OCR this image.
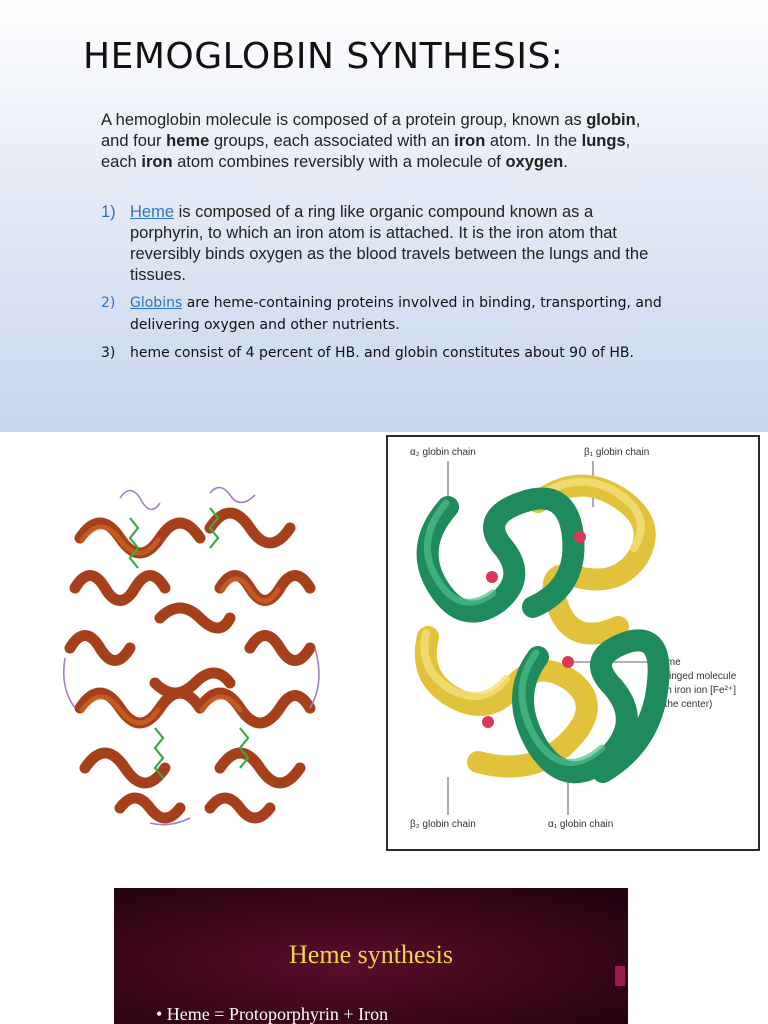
HEMOGLOBIN SYNTHESIS:
A hemoglobin molecule is composed of a protein group, known as globin, and four heme groups, each associated with an iron atom. In the lungs, each iron atom combines reversibly with a molecule of oxygen.
1) Heme is composed of a ring like organic compound known as a porphyrin, to which an iron atom is attached. It is the iron atom that reversibly binds oxygen as the blood travels between the lungs and the tissues.
2) Globins are heme-containing proteins involved in binding, transporting, and delivering oxygen and other nutrients.
3) heme consist of 4 percent of HB. and globin constitutes about 90 of HB.
α₂ globin chain	β₁ globin chain
Heme
(a ringed molecule
with iron ion [Fe²⁺]
in the center)
β₂ globin chain	α₁ globin chain
Heme synthesis
• Heme = Protoporphyrin + Iron
